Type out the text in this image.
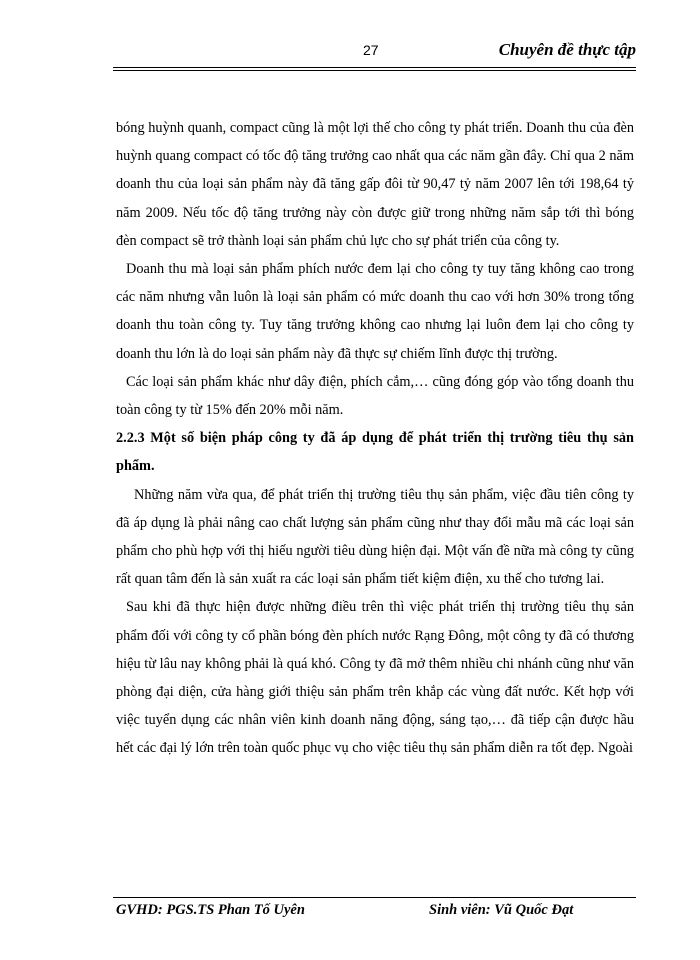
27	Chuyên đề thực tập

bóng huỳnh quanh, compact cũng là một lợi thế cho công ty phát triển. Doanh thu của đèn huỳnh quang compact có tốc độ tăng trưởng cao nhất qua các năm gần đây. Chỉ qua 2 năm doanh thu của loại sản phẩm này đã tăng gấp đôi từ 90,47 tỷ năm 2007 lên tới 198,64 tỷ năm 2009. Nếu tốc độ tăng trưởng này còn được giữ trong những năm sắp tới thì bóng đèn compact sẽ trở thành loại sản phẩm chủ lực cho sự phát triển của công ty.

Doanh thu mà loại sản phẩm phích nước đem lại cho công ty tuy tăng không cao trong các năm nhưng vẫn luôn là loại sản phẩm có mức doanh thu cao với hơn 30% trong tổng doanh thu toàn công ty. Tuy tăng trưởng không cao nhưng lại luôn đem lại cho công ty doanh thu lớn là do loại sản phẩm này đã thực sự chiếm lĩnh được thị trường.

Các loại sản phẩm khác như dây điện, phích cắm,… cũng đóng góp vào tổng doanh thu toàn công ty từ 15% đến 20% mỗi năm.

2.2.3 Một số biện pháp công ty đã áp dụng để phát triển thị trường tiêu thụ sản phẩm.

Những năm vừa qua, để phát triển thị trường tiêu thụ sản phẩm, việc đầu tiên công ty đã áp dụng là phải nâng cao chất lượng sản phẩm cũng như thay đổi mẫu mã các loại sản phẩm cho phù hợp với thị hiếu người tiêu dùng hiện đại. Một vấn đề nữa mà công ty cũng rất quan tâm đến là sản xuất ra các loại sản phẩm tiết kiệm điện, xu thế cho tương lai.

Sau khi đã thực hiện được những điều trên thì việc phát triển thị trường tiêu thụ sản phẩm đối với công ty cổ phần bóng đèn phích nước Rạng Đông, một công ty đã có thương hiệu từ lâu nay không phải là quá khó. Công ty đã mở thêm nhiều chi nhánh cũng như văn phòng đại diện, cửa hàng giới thiệu sản phẩm trên khắp các vùng đất nước. Kết hợp với việc tuyển dụng các nhân viên kinh doanh năng động, sáng tạo,… đã tiếp cận được hầu hết các đại lý lớn trên toàn quốc phục vụ cho việc tiêu thụ sản phẩm diễn ra tốt đẹp. Ngoài

GVHD: PGS.TS Phan Tố Uyên	Sinh viên: Vũ Quốc Đạt
